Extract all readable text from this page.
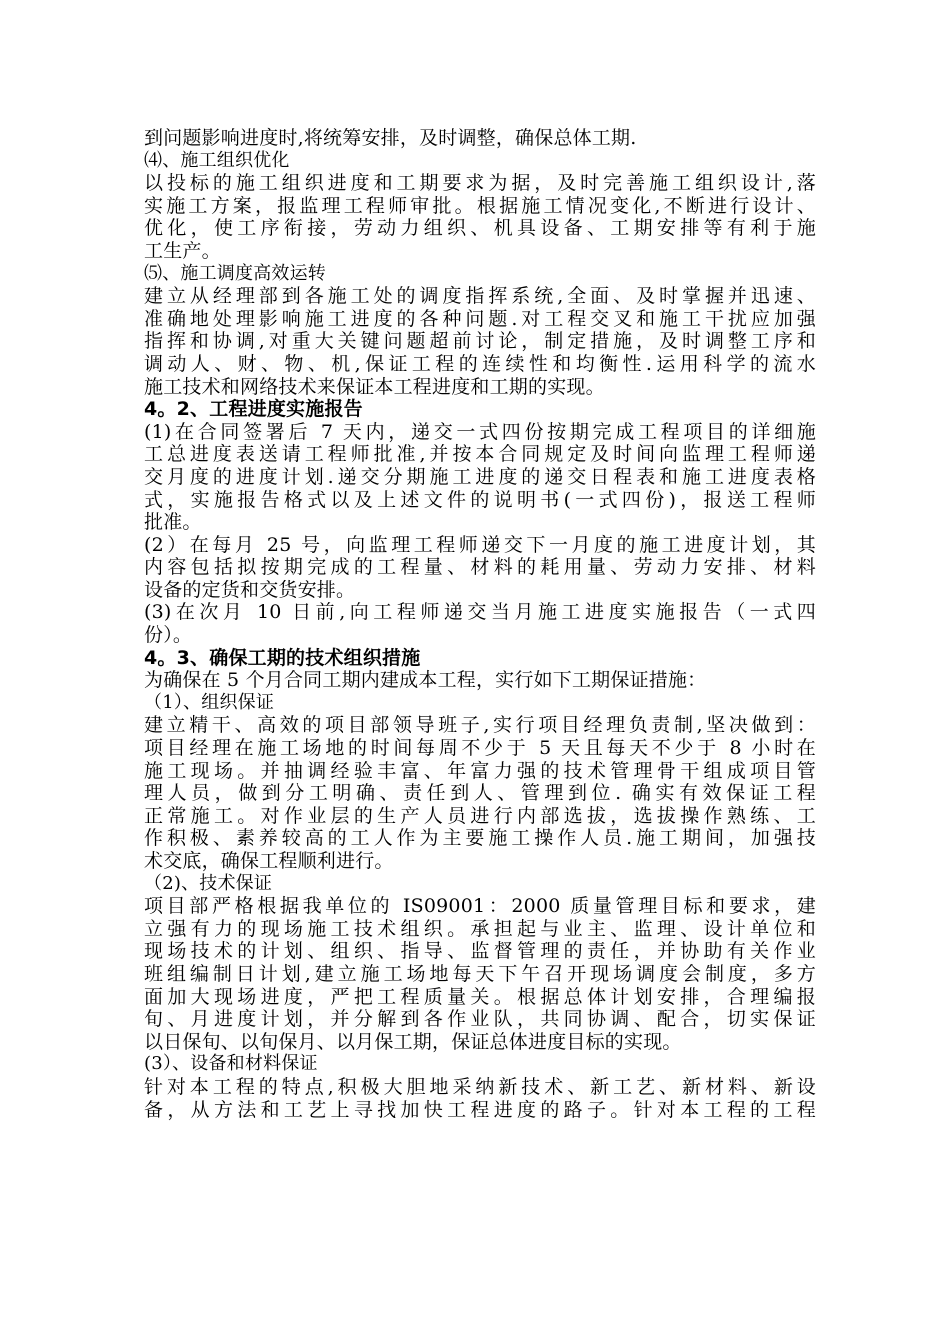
到问题影响进度时,将统筹安排，及时调整，确保总体工期.
⑷、施工组织优化
以投标的施工组织进度和工期要求为据，及时完善施工组织设计,落
实施工方案，报监理工程师审批。根据施工情况变化,不断进行设计、
优化，使工序衔接，劳动力组织、机具设备、工期安排等有利于施
工生产。
⑸、施工调度高效运转
建立从经理部到各施工处的调度指挥系统,全面、及时掌握并迅速、
准确地处理影响施工进度的各种问题.对工程交叉和施工干扰应加强
指挥和协调,对重大关键问题超前讨论，制定措施，及时调整工序和
调动人、财、物、机,保证工程的连续性和均衡性.运用科学的流水
施工技术和网络技术来保证本工程进度和工期的实现。
4。2、工程进度实施报告
(1)在合同签署后 7 天内，递交一式四份按期完成工程项目的详细施
工总进度表送请工程师批准,并按本合同规定及时间向监理工程师递
交月度的进度计划.递交分期施工进度的递交日程表和施工进度表格
式，实施报告格式以及上述文件的说明书(一式四份)，报送工程师
批准。
(2）在每月 25 号，向监理工程师递交下一月度的施工进度计划，其
内容包括拟按期完成的工程量、材料的耗用量、劳动力安排、材料
设备的定货和交货安排。
(3)在次月 10 日前,向工程师递交当月施工进度实施报告（一式四
份）。
4。3、确保工期的技术组织措施
为确保在 5 个月合同工期内建成本工程，实行如下工期保证措施：
（1）、组织保证
建立精干、高效的项目部领导班子,实行项目经理负责制,坚决做到：
项目经理在施工场地的时间每周不少于 5 天且每天不少于 8 小时在
施工现场。并抽调经验丰富、年富力强的技术管理骨干组成项目管
理人员，做到分工明确、责任到人、管理到位. 确实有效保证工程
正常施工。对作业层的生产人员进行内部选拔，选拔操作熟练、工
作积极、素养较高的工人作为主要施工操作人员.施工期间，加强技
术交底，确保工程顺利进行。
（2)、技术保证
项目部严格根据我单位的 IS09001：2000 质量管理目标和要求，建
立强有力的现场施工技术组织。承担起与业主、监理、设计单位和
现场技术的计划、组织、指导、监督管理的责任，并协助有关作业
班组编制日计划,建立施工场地每天下午召开现场调度会制度，多方
面加大现场进度，严把工程质量关。根据总体计划安排，合理编报
旬、月进度计划，并分解到各作业队，共同协调、配合，切实保证
以日保旬、以旬保月、以月保工期，保证总体进度目标的实现。
(3）、设备和材料保证
针对本工程的特点,积极大胆地采纳新技术、新工艺、新材料、新设
备，从方法和工艺上寻找加快工程进度的路子。针对本工程的工程
